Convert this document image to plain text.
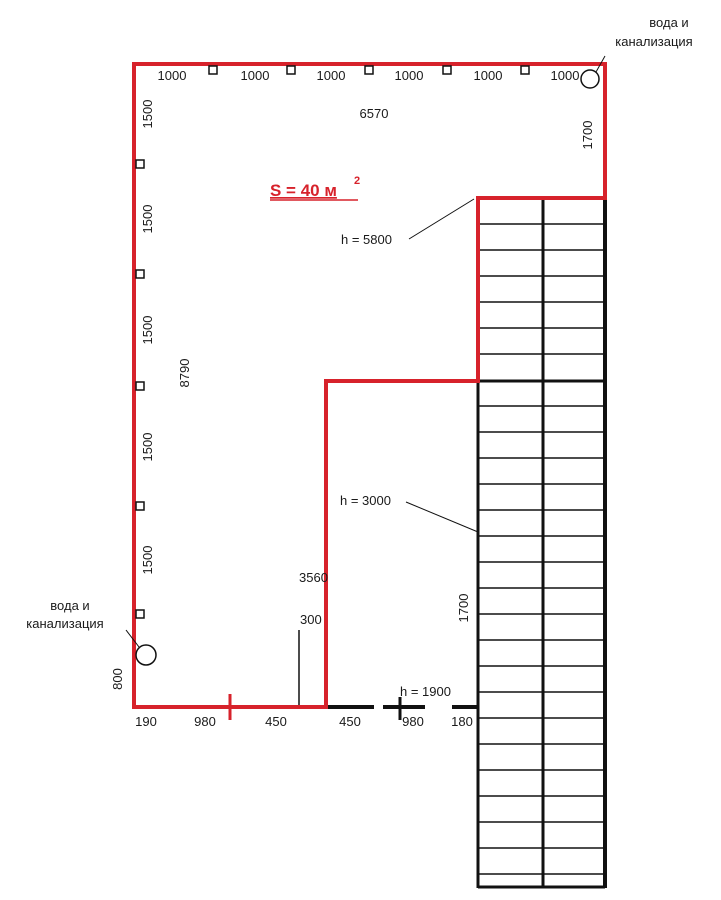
вода и
канализация
вода и
канализация
S = 40 м 2
h = 5800
h = 3000
h = 1900
1000	1000	1000	1000	1000	1000
6570
1700
1500
1500
1500
1500
1500
800
8790
3560
300
190	980	450	450	980 180
1700
